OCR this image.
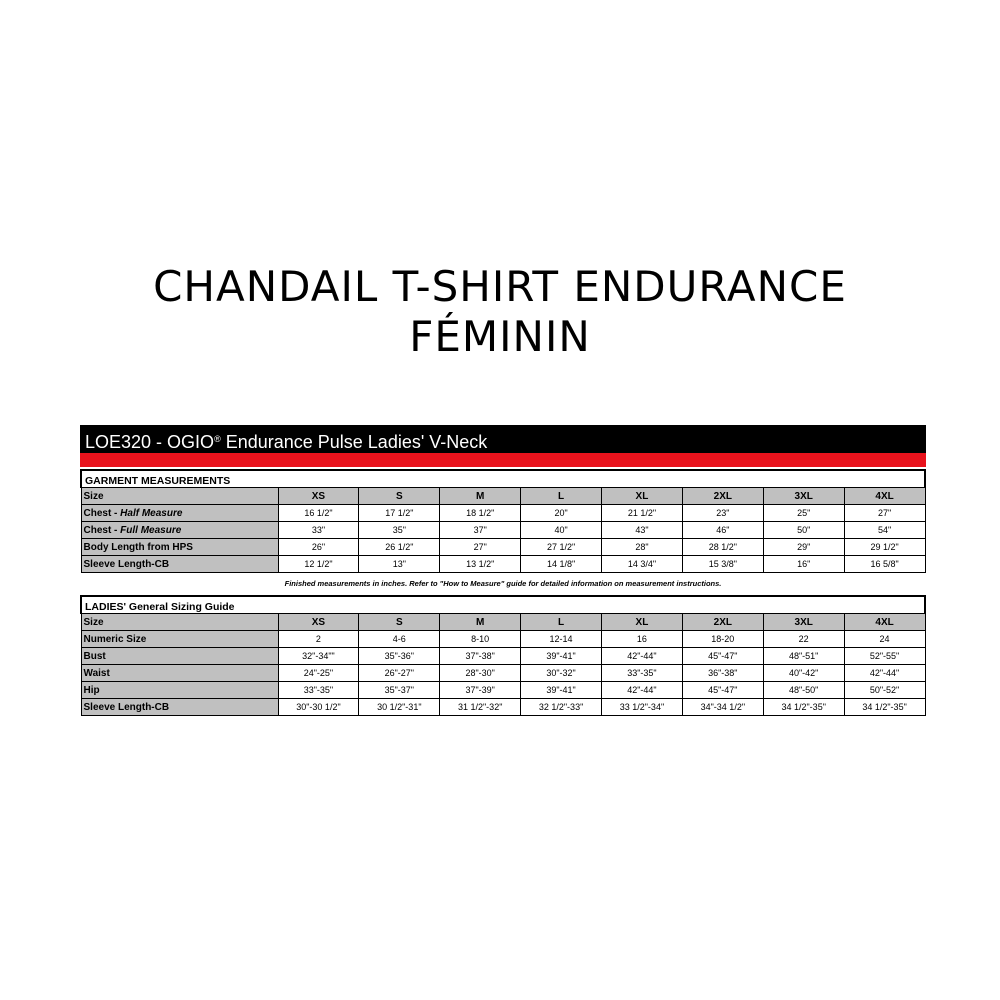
CHANDAIL T-SHIRT ENDURANCE
FÉMININ
LOE320 - OGIO® Endurance Pulse Ladies' V-Neck
GARMENT MEASUREMENTS								
Size	XS	S	M	L	XL	2XL	3XL	4XL
Chest - Half Measure	16 1/2"	17 1/2"	18 1/2"	20"	21 1/2"	23"	25"	27"
Chest - Full Measure	33"	35"	37"	40"	43"	46"	50"	54"
Body Length from HPS	26"	26 1/2"	27"	27 1/2"	28"	28 1/2"	29"	29 1/2"
Sleeve Length-CB	12 1/2"	13"	13 1/2"	14 1/8"	14 3/4"	15 3/8"	16"	16 5/8"
Finished measurements in inches. Refer to "How to Measure" guide for detailed information on measurement instructions.
LADIES' General Sizing Guide								
Size	XS	S	M	L	XL	2XL	3XL	4XL
Numeric Size	2	4-6	8-10	12-14	16	18-20	22	24
Bust	32"-34""	35"-36"	37"-38"	39"-41"	42"-44"	45"-47"	48"-51"	52"-55"
Waist	24"-25"	26"-27"	28"-30"	30"-32"	33"-35"	36"-38"	40"-42"	42"-44"
Hip	33"-35"	35"-37"	37"-39"	39"-41"	42"-44"	45"-47"	48"-50"	50"-52"
Sleeve Length-CB	30"-30 1/2"	30 1/2"-31"	31 1/2"-32"	32 1/2"-33"	33 1/2"-34"	34"-34 1/2"	34 1/2"-35"	34 1/2"-35"
